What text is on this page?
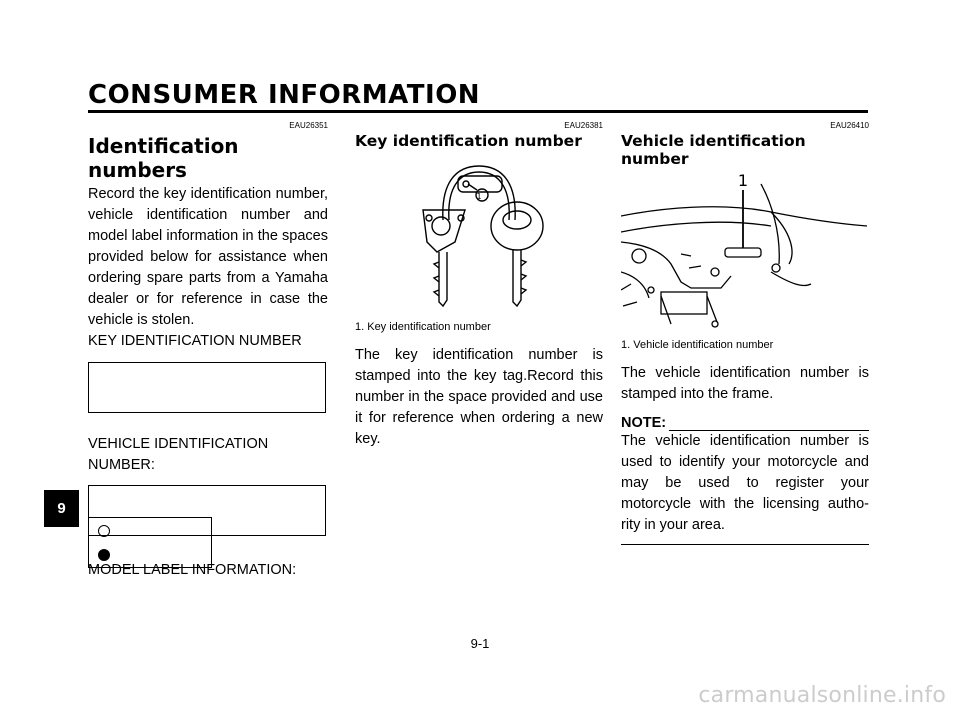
CONSUMER INFORMATION
EAU26351
Identification numbers

Record the key identification number, vehicle identification number and model label information in the spaces provided below for assistance when ordering spare parts from a Yamaha dealer or for reference in case the vehicle is stolen.

KEY IDENTIFICATION NUMBER

VEHICLE IDENTIFICATION NUMBER:

MODEL LABEL INFORMATION:

EAU26381
Key identification number
1

1. Key identification number

The key identification number is stamped into the key tag.Record this number in the space provided and use it for reference when ordering a new key.

EAU26410
Vehicle identification number
1

1. Vehicle identification number

The vehicle identification number is stamped into the frame.

NOTE:

The vehicle identification number is used to identify your motorcycle and may be used to register your motorcycle with the licensing autho-rity in your area.

9
9-1
carmanualsonline.info
